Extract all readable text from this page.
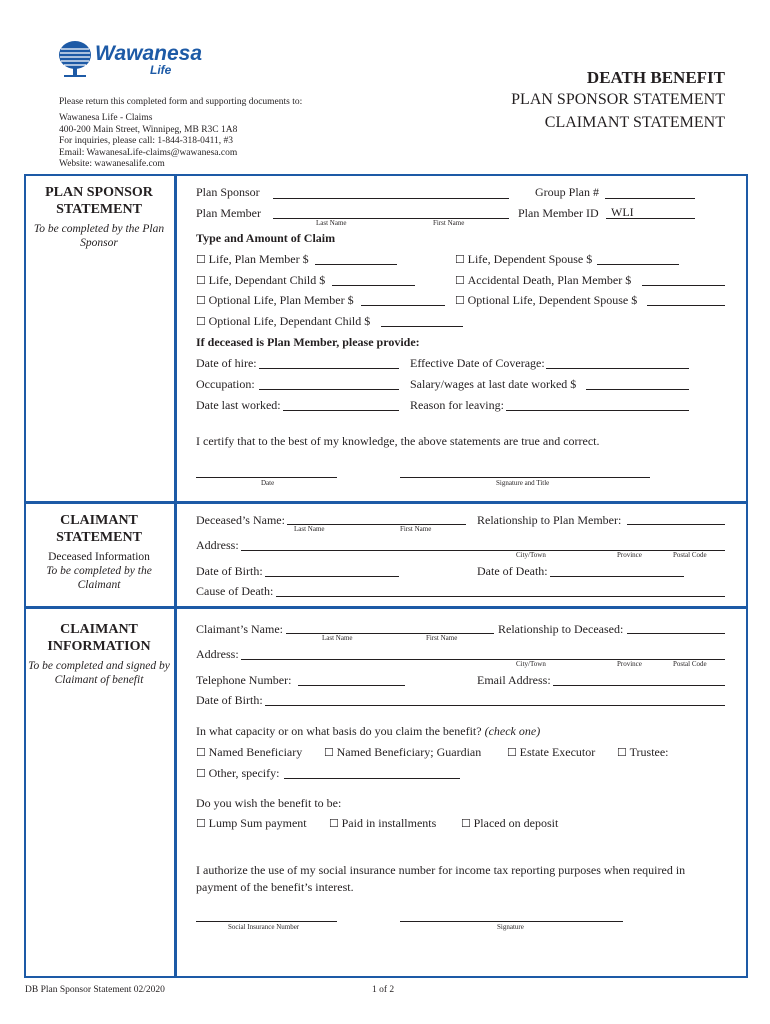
Wawanesa
Life
Please return this completed form and supporting documents to:
Wawanesa Life - Claims
400-200 Main Street, Winnipeg, MB R3C 1A8
For inquiries, please call: 1-844-318-0411, #3
Email: WawanesaLife-claims@wawanesa.com
Website: wawanesalife.com
DEATH BENEFIT
PLAN SPONSOR STATEMENT
CLAIMANT STATEMENT
PLAN SPONSOR
STATEMENT
To be completed by the Plan Sponsor
CLAIMANT
STATEMENT
Deceased Information
To be completed by the Claimant
CLAIMANT
INFORMATION
To be completed and signed by Claimant of benefit
Plan Sponsor	Group Plan #
Plan Member
Last Name	First Name
Plan Member ID WLI
Type and Amount of Claim
☐ Life, Plan Member $	☐ Life, Dependent Spouse $
☐ Life, Dependant Child $	☐ Accidental Death, Plan Member $
☐ Optional Life, Plan Member $	☐ Optional Life, Dependent Spouse $
☐ Optional Life, Dependant Child $
If deceased is Plan Member, please provide:
Date of hire:	Effective Date of Coverage:
Occupation:	Salary/wages at last date worked $
Date last worked:	Reason for leaving:
I certify that to the best of my knowledge, the above statements are true and correct.
Date	Signature and Title
Deceased’s Name:
Last Name	First Name
Relationship to Plan Member:
Address:
City/Town	Province	Postal Code
Date of Birth:	Date of Death:
Cause of Death:
Claimant’s Name:
Last Name	First Name
Relationship to Deceased:
Address:
City/Town	Province	Postal Code
Telephone Number:	Email Address:
Date of Birth:
In what capacity or on what basis do you claim the benefit? (check one)
☐ Named Beneficiary ☐ Named Beneficiary; Guardian ☐ Estate Executor ☐ Trustee:
☐ Other, specify:
Do you wish the benefit to be:
☐ Lump Sum payment ☐ Paid in installments ☐ Placed on deposit
I authorize the use of my social insurance number for income tax reporting purposes when required in payment of the benefit’s interest.
Social Insurance Number	Signature
DB Plan Sponsor Statement 02/2020	1 of 2
